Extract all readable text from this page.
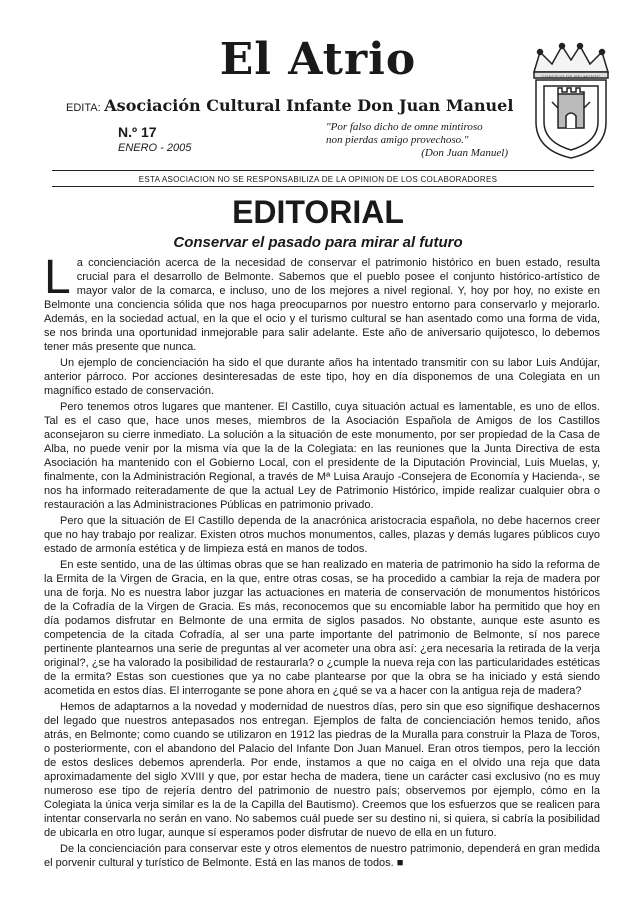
El Atrio
EDITA: Asociación Cultural Infante Don Juan Manuel
N.º 17
ENERO - 2005
"Por falso dicho de omne mintiroso
non pierdas amigo provechoso."
(Don Juan Manuel)
CONCEJO DE BELMONTE
ESTA ASOCIACION NO SE RESPONSABILIZA DE LA OPINION DE LOS COLABORADORES
EDITORIAL
Conservar el pasado para mirar al futuro

La concienciación acerca de la necesidad de conservar el patrimonio histórico en buen estado, resulta crucial para el desarrollo de Belmonte. Sabemos que el pueblo posee el conjunto histórico-artístico de mayor valor de la comarca, e incluso, uno de los mejores a nivel regional. Y, hoy por hoy, no existe en Belmonte una conciencia sólida que nos haga preocuparnos por nuestro entorno para conservarlo y mejorarlo. Además, en la sociedad actual, en la que el ocio y el turismo cultural se han asentado como una forma de vida, se nos brinda una oportunidad inmejorable para salir adelante. Este año de aniversario quijotesco, lo debemos tener más presente que nunca.

Un ejemplo de concienciación ha sido el que durante años ha intentado transmitir con su labor Luis Andújar, anterior párroco. Por acciones desinteresadas de este tipo, hoy en día disponemos de una Colegiata en un magnífico estado de conservación.

Pero tenemos otros lugares que mantener. El Castillo, cuya situación actual es lamentable, es uno de ellos. Tal es el caso que, hace unos meses, miembros de la Asociación Española de Amigos de los Castillos aconsejaron su cierre inmediato. La solución a la situación de este monumento, por ser propiedad de la Casa de Alba, no puede venir por la misma vía que la de la Colegiata: en las reuniones que la Junta Directiva de esta Asociación ha mantenido con el Gobierno Local, con el presidente de la Diputación Provincial, Luis Muelas, y, finalmente, con la Administración Regional, a través de Mª Luisa Araujo -Consejera de Economía y Hacienda-, se nos ha informado reiteradamente de que la actual Ley de Patrimonio Histórico, impide realizar cualquier obra o restauración a las Administraciones Públicas en patrimonio privado.

Pero que la situación de El Castillo dependa de la anacrónica aristocracia española, no debe hacernos creer que no hay trabajo por realizar. Existen otros muchos monumentos, calles, plazas y demás lugares públicos cuyo estado de armonía estética y de limpieza está en manos de todos.

En este sentido, una de las últimas obras que se han realizado en materia de patrimonio ha sido la reforma de la Ermita de la Virgen de Gracia, en la que, entre otras cosas, se ha procedido a cambiar la reja de madera por una de forja. No es nuestra labor juzgar las actuaciones en materia de conservación de monumentos históricos de la Cofradía de la Virgen de Gracia. Es más, reconocemos que su encomiable labor ha permitido que hoy en día podamos disfrutar en Belmonte de una ermita de siglos pasados. No obstante, aunque este asunto es competencia de la citada Cofradía, al ser una parte importante del patrimonio de Belmonte, sí nos parece pertinente plantearnos una serie de preguntas al ver acometer una obra así: ¿era necesaria la retirada de la verja original?, ¿se ha valorado la posibilidad de restaurarla? o ¿cumple la nueva reja con las particularidades estéticas de la ermita? Estas son cuestiones que ya no cabe plantearse por que la obra se ha iniciado y está siendo acometida en estos días. El interrogante se pone ahora en ¿qué se va a hacer con la antigua reja de madera?

Hemos de adaptarnos a la novedad y modernidad de nuestros días, pero sin que eso signifique deshacernos del legado que nuestros antepasados nos entregan. Ejemplos de falta de concienciación hemos tenido, años atrás, en Belmonte; como cuando se utilizaron en 1912 las piedras de la Muralla para construir la Plaza de Toros, o posteriormente, con el abandono del Palacio del Infante Don Juan Manuel. Eran otros tiempos, pero la lección de estos deslices debemos aprenderla. Por ende, instamos a que no caiga en el olvido una reja que data aproximadamente del siglo XVIII y que, por estar hecha de madera, tiene un carácter casi exclusivo (no es muy numeroso ese tipo de rejería dentro del patrimonio de nuestro país; observemos por ejemplo, cómo en la Colegiata la única verja similar es la de la Capilla del Bautismo). Creemos que los esfuerzos que se realicen para intentar conservarla no serán en vano. No sabemos cuál puede ser su destino ni, si quiera, si cabría la posibilidad de ubicarla en otro lugar, aunque sí esperamos poder disfrutar de nuevo de ella en un futuro.

De la concienciación para conservar este y otros elementos de nuestro patrimonio, dependerá en gran medida el porvenir cultural y turístico de Belmonte. Está en las manos de todos. ■
